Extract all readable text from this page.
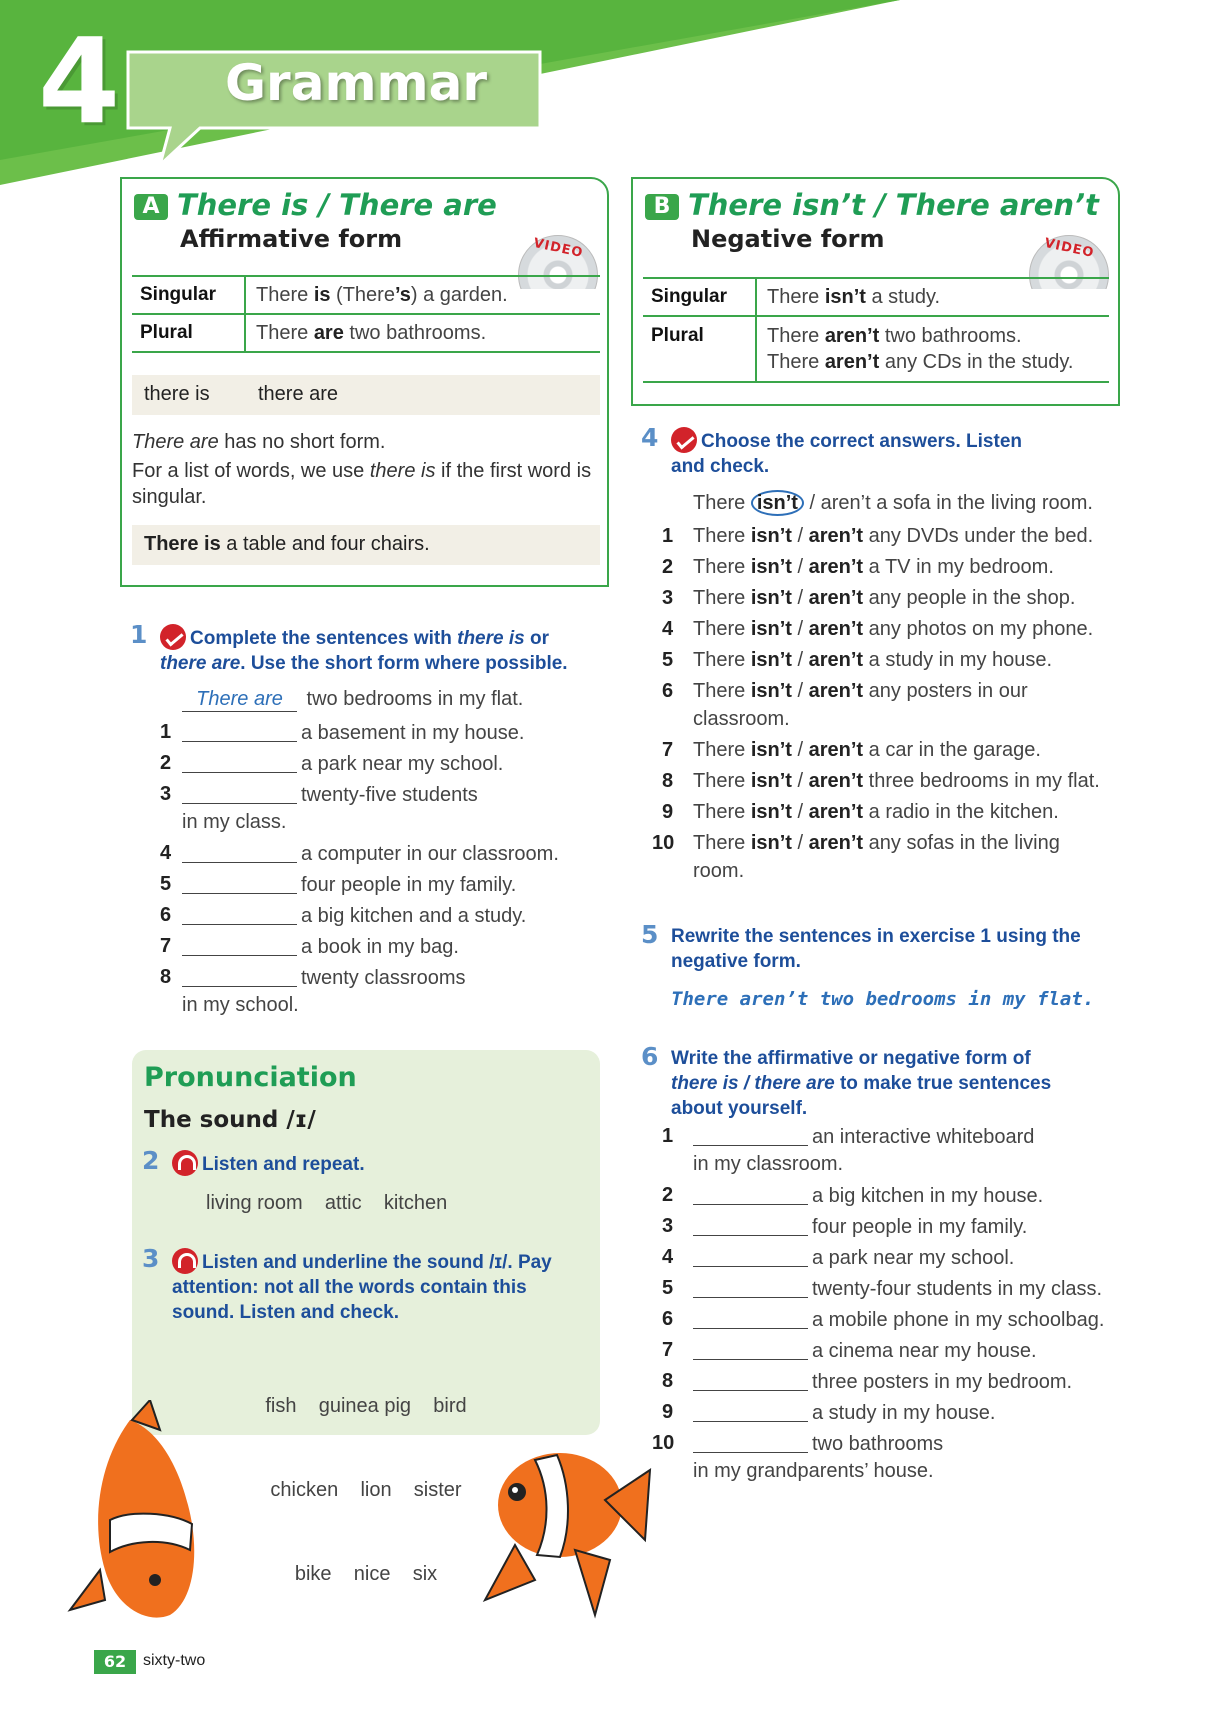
4 Grammar
A There is / There are
Affirmative form	VIDEO
Singular	There is (There’s) a garden.
Plural	There are two bathrooms.
there is there are
There are has no short form.
For a list of words, we use there is if the first word is singular.
There is a table and four chairs.
B There isn’t / There aren’t
Negative form	VIDEO
Singular	There isn’t a study.
Plural	There aren’t two bathrooms.
There aren’t any CDs in the study.
1	Complete the sentences with there is or
there are. Use the short form where possible.
There are two bedrooms in my flat.
1	a basement in my house.
2	a park near my school.
3	twenty-five students
in my class.
4	a computer in our classroom.
5	four people in my family.
6	a big kitchen and a study.
7	a book in my bag.
8	twenty classrooms
in my school.
Pronunciation
The sound /ɪ/
2	Listen and repeat.
living room    attic    kitchen
3	Listen and underline the sound /ɪ/. Pay
attention: not all the words contain this
sound. Listen and check.

fish    guinea pig    bird

chicken    lion    sister

bike    nice    six

4	Choose the correct answers. Listen
and check.
There isn’t / aren’t a sofa in the living room.
1 There isn’t / aren’t any DVDs under the bed.
2 There isn’t / aren’t a TV in my bedroom.
3 There isn’t / aren’t any people in the shop.
4 There isn’t / aren’t any photos on my phone.
5 There isn’t / aren’t a study in my house.
6 There isn’t / aren’t any posters in our
classroom.
7 There isn’t / aren’t a car in the garage.
8 There isn’t / aren’t three bedrooms in my flat.
9 There isn’t / aren’t a radio in the kitchen.
10 There isn’t / aren’t any sofas in the living
room.
5 Rewrite the sentences in exercise 1 using the
negative form.
There aren’t two bedrooms in my flat.
6 Write the affirmative or negative form of
there is / there are to make true sentences
about yourself.
1	an interactive whiteboard
in my classroom.
2	a big kitchen in my house.
3	four people in my family.
4	a park near my school.
5	twenty-four students in my class.
6	a mobile phone in my schoolbag.
7	a cinema near my house.
8	three posters in my bedroom.
9	a study in my house.
10	two bathrooms
in my grandparents’ house.
62	sixty-two
